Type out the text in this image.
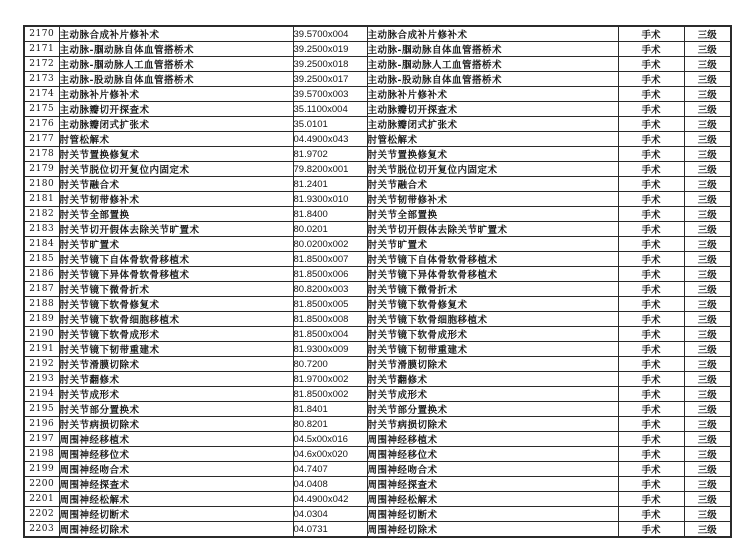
2170	主动脉合成补片修补术	39.5700x004	主动脉合成补片修补术	手术	三级
2171	主动脉-腘动脉自体血管搭桥术	39.2500x019	主动脉-腘动脉自体血管搭桥术	手术	三级
2172	主动脉-腘动脉人工血管搭桥术	39.2500x018	主动脉-腘动脉人工血管搭桥术	手术	三级
2173	主动脉-股动脉自体血管搭桥术	39.2500x017	主动脉-股动脉自体血管搭桥术	手术	三级
2174	主动脉补片修补术	39.5700x003	主动脉补片修补术	手术	三级
2175	主动脉瓣切开探查术	35.1100x004	主动脉瓣切开探查术	手术	三级
2176	主动脉瓣闭式扩张术	35.0101	主动脉瓣闭式扩张术	手术	三级
2177	肘管松解术	04.4900x043	肘管松解术	手术	三级
2178	肘关节置换修复术	81.9702	肘关节置换修复术	手术	三级
2179	肘关节脱位切开复位内固定术	79.8200x001	肘关节脱位切开复位内固定术	手术	三级
2180	肘关节融合术	81.2401	肘关节融合术	手术	三级
2181	肘关节韧带修补术	81.9300x010	肘关节韧带修补术	手术	三级
2182	肘关节全部置换	81.8400	肘关节全部置换	手术	三级
2183	肘关节切开假体去除关节旷置术	80.0201	肘关节切开假体去除关节旷置术	手术	三级
2184	肘关节旷置术	80.0200x002	肘关节旷置术	手术	三级
2185	肘关节镜下自体骨软骨移植术	81.8500x007	肘关节镜下自体骨软骨移植术	手术	三级
2186	肘关节镜下异体骨软骨移植术	81.8500x006	肘关节镜下异体骨软骨移植术	手术	三级
2187	肘关节镜下微骨折术	80.8200x003	肘关节镜下微骨折术	手术	三级
2188	肘关节镜下软骨修复术	81.8500x005	肘关节镜下软骨修复术	手术	三级
2189	肘关节镜下软骨细胞移植术	81.8500x008	肘关节镜下软骨细胞移植术	手术	三级
2190	肘关节镜下软骨成形术	81.8500x004	肘关节镜下软骨成形术	手术	三级
2191	肘关节镜下韧带重建术	81.9300x009	肘关节镜下韧带重建术	手术	三级
2192	肘关节滑膜切除术	80.7200	肘关节滑膜切除术	手术	三级
2193	肘关节翻修术	81.9700x002	肘关节翻修术	手术	三级
2194	肘关节成形术	81.8500x002	肘关节成形术	手术	三级
2195	肘关节部分置换术	81.8401	肘关节部分置换术	手术	三级
2196	肘关节病损切除术	80.8201	肘关节病损切除术	手术	三级
2197	周围神经移植术	04.5x00x016	周围神经移植术	手术	三级
2198	周围神经移位术	04.6x00x020	周围神经移位术	手术	三级
2199	周围神经吻合术	04.7407	周围神经吻合术	手术	三级
2200	周围神经探查术	04.0408	周围神经探查术	手术	三级
2201	周围神经松解术	04.4900x042	周围神经松解术	手术	三级
2202	周围神经切断术	04.0304	周围神经切断术	手术	三级
2203	周围神经切除术	04.0731	周围神经切除术	手术	三级
